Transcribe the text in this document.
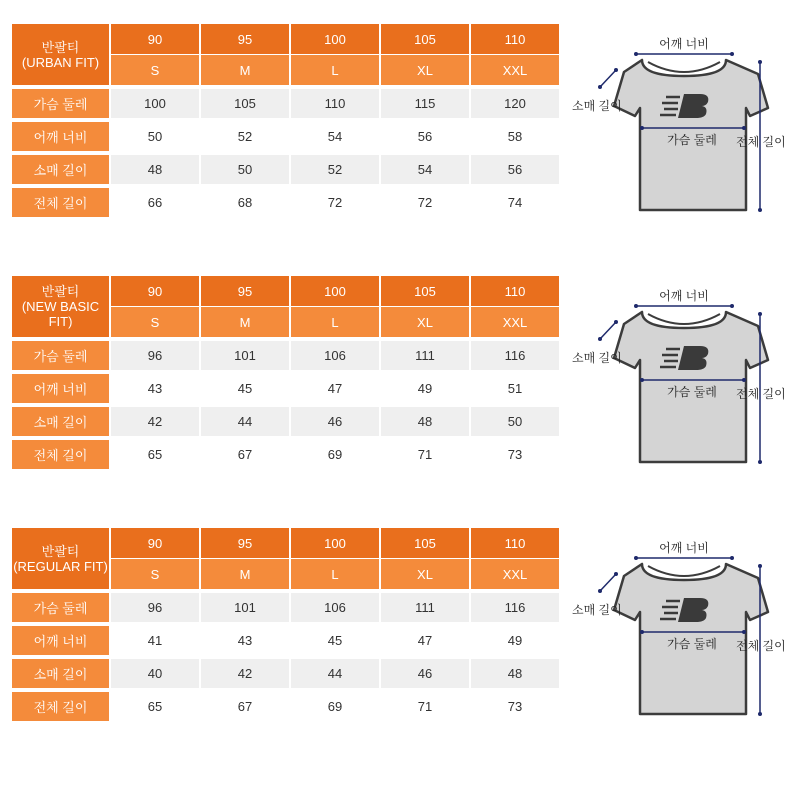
반팔티
(URBAN FIT)	90	95	100	105	110
	S	M	L	XL	XXL
가슴 둘레	100	105	110	115	120
어깨 너비	50	52	54	56	58
소매 길이	48	50	52	54	56
전체 길이	66	68	72	72	74
어깨 너비
소매 길이
가슴 둘레 전체 길이
반팔티
(NEW BASIC FIT)	90	95	100	105	110
	S	M	L	XL	XXL
가슴 둘레	96	101	106	111	116
어깨 너비	43	45	47	49	51
소매 길이	42	44	46	48	50
전체 길이	65	67	69	71	73
어깨 너비
소매 길이
가슴 둘레 전체 길이
반팔티
(REGULAR FIT)	90	95	100	105	110
	S	M	L	XL	XXL
가슴 둘레	96	101	106	111	116
어깨 너비	41	43	45	47	49
소매 길이	40	42	44	46	48
전체 길이	65	67	69	71	73
어깨 너비
소매 길이
가슴 둘레 전체 길이
